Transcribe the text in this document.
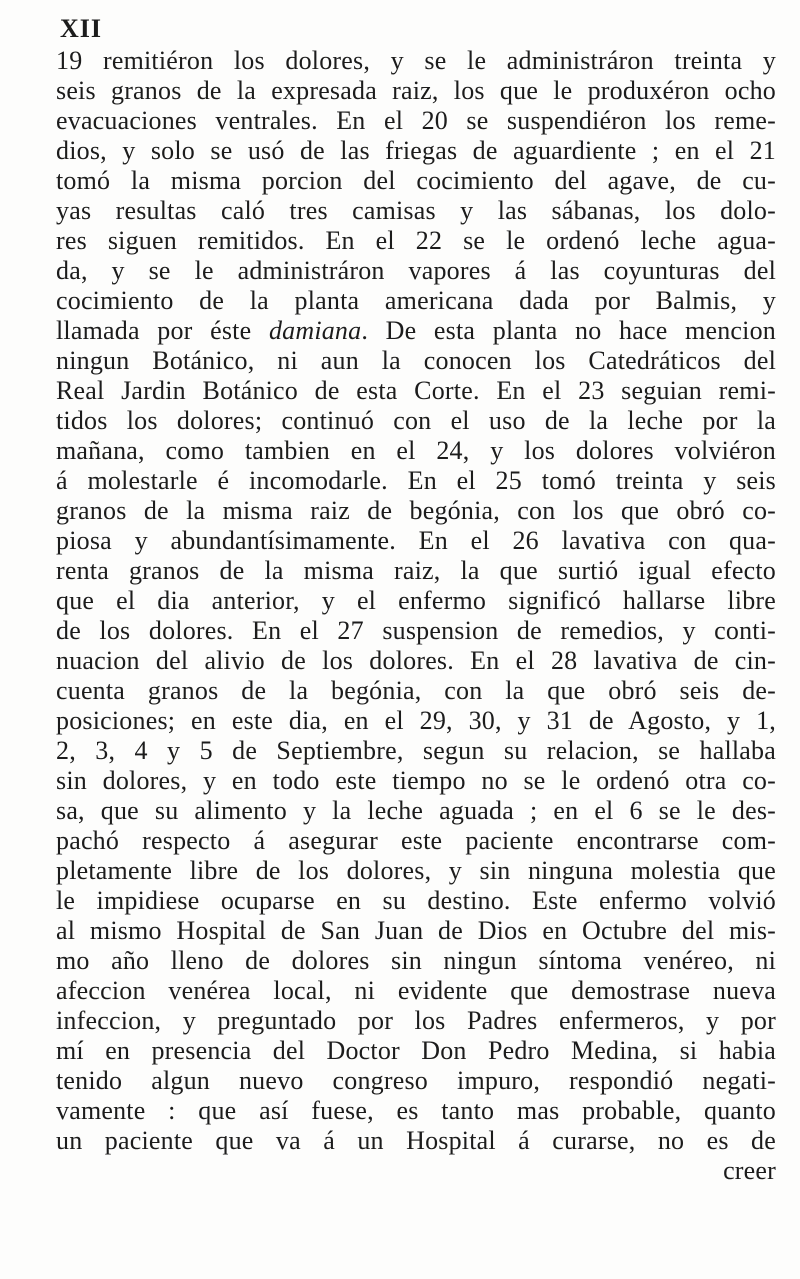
XII
19 remitiéron los dolores, y se le administráron treinta y
seis granos de la expresada raiz, los que le produxéron ocho
evacuaciones ventrales. En el 20 se suspendiéron los reme-
dios, y solo se usó de las friegas de aguardiente ; en el 21
tomó la misma porcion del cocimiento del agave, de cu-
yas resultas caló tres camisas y las sábanas, los dolo-
res siguen remitidos. En el 22 se le ordenó leche agua-
da, y se le administráron vapores á las coyunturas del
cocimiento de la planta americana dada por Balmis, y
llamada por éste damiana. De esta planta no hace mencion
ningun Botánico, ni aun la conocen los Catedráticos del
Real Jardin Botánico de esta Corte. En el 23 seguian remi-
tidos los dolores; continuó con el uso de la leche por la
mañana, como tambien en el 24, y los dolores volviéron
á molestarle é incomodarle. En el 25 tomó treinta y seis
granos de la misma raiz de begónia, con los que obró co-
piosa y abundantísimamente. En el 26 lavativa con qua-
renta granos de la misma raiz, la que surtió igual efecto
que el dia anterior, y el enfermo significó hallarse libre
de los dolores. En el 27 suspension de remedios, y conti-
nuacion del alivio de los dolores. En el 28 lavativa de cin-
cuenta granos de la begónia, con la que obró seis de-
posiciones; en este dia, en el 29, 30, y 31 de Agosto, y 1,
2, 3, 4 y 5 de Septiembre, segun su relacion, se hallaba
sin dolores, y en todo este tiempo no se le ordenó otra co-
sa, que su alimento y la leche aguada ; en el 6 se le des-
pachó respecto á asegurar este paciente encontrarse com-
pletamente libre de los dolores, y sin ninguna molestia que
le impidiese ocuparse en su destino. Este enfermo volvió
al mismo Hospital de San Juan de Dios en Octubre del mis-
mo año lleno de dolores sin ningun síntoma venéreo, ni
afeccion venérea local, ni evidente que demostrase nueva
infeccion, y preguntado por los Padres enfermeros, y por
mí en presencia del Doctor Don Pedro Medina, si habia
tenido algun nuevo congreso impuro, respondió negati-
vamente : que así fuese, es tanto mas probable, quanto
un paciente que va á un Hospital á curarse, no es de
creer
